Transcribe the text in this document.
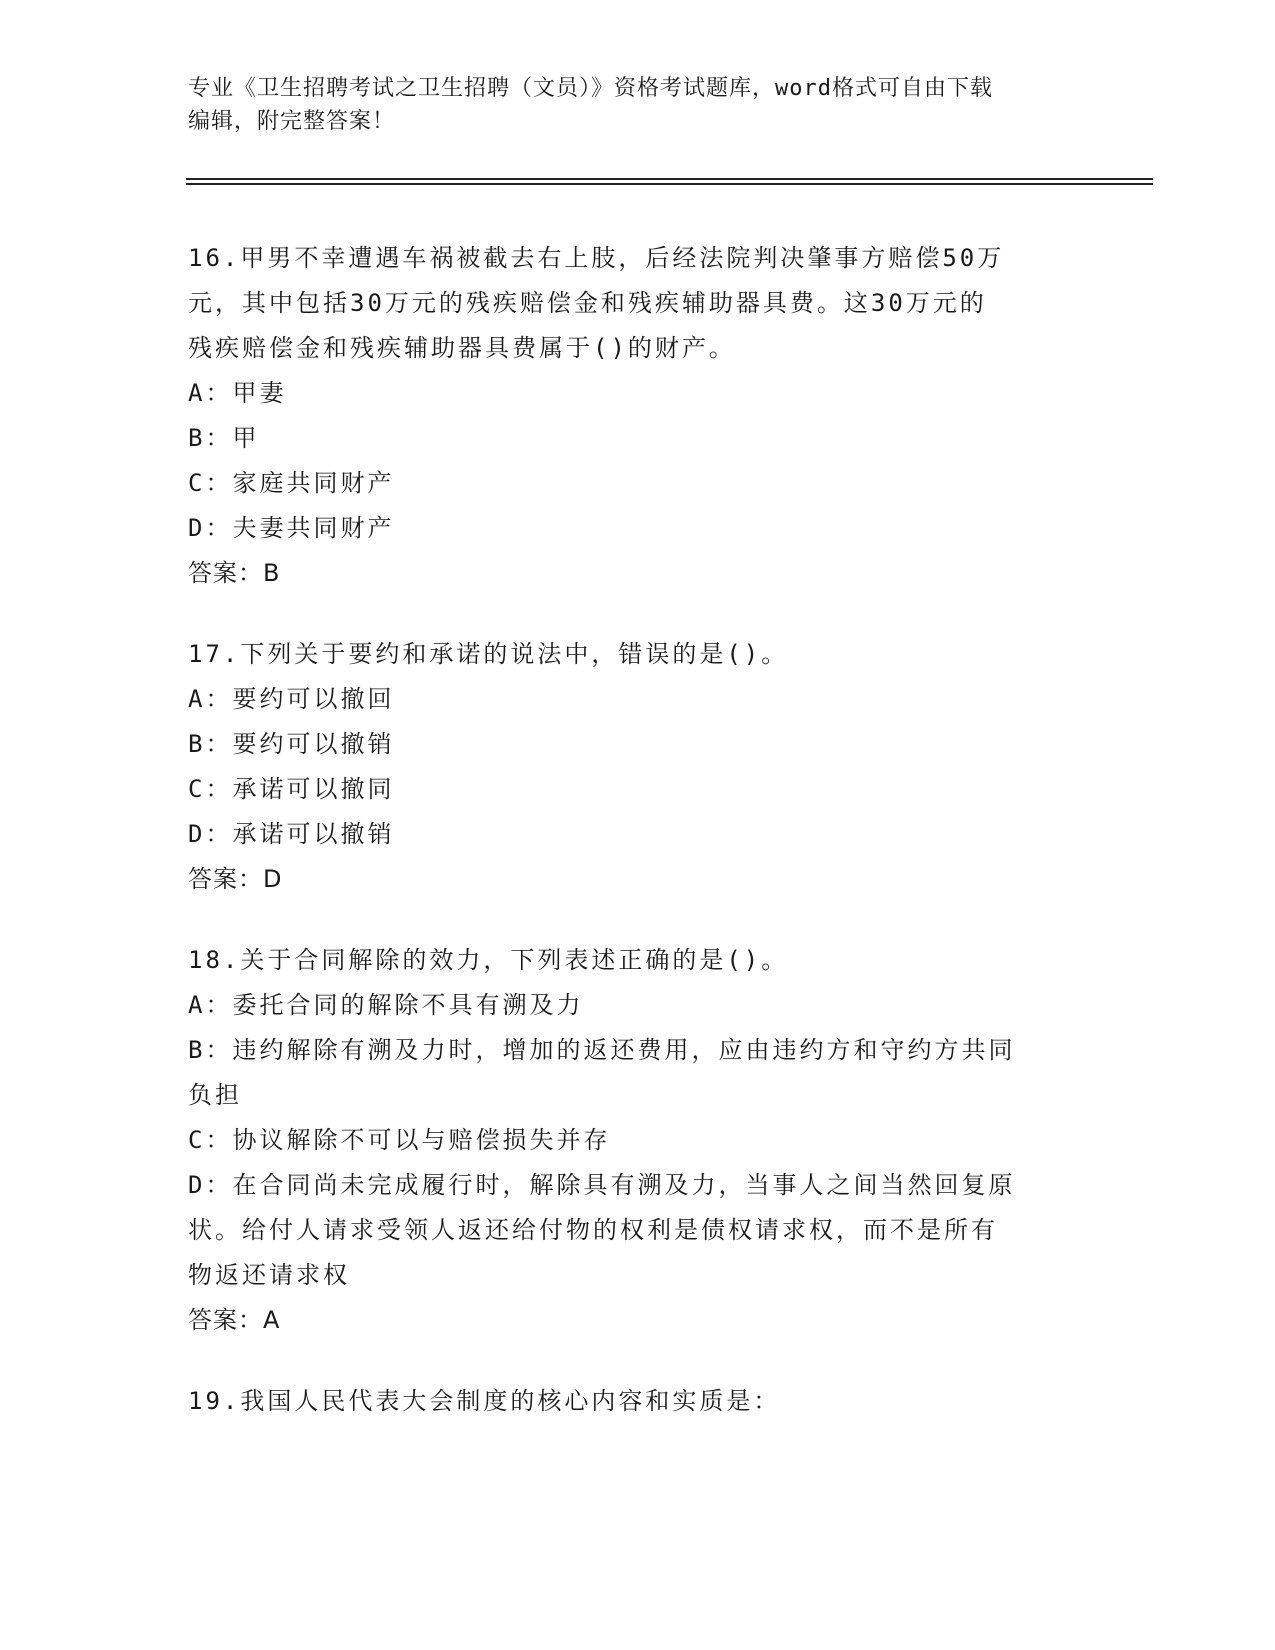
专业《卫生招聘考试之卫生招聘（文员）》资格考试题库，word格式可自由下载
编辑，附完整答案！
16.甲男不幸遭遇车祸被截去右上肢，后经法院判决肇事方赔偿50万
元，其中包括30万元的残疾赔偿金和残疾辅助器具费。这30万元的
残疾赔偿金和残疾辅助器具费属于()的财产。
A：甲妻
B：甲
C：家庭共同财产
D：夫妻共同财产
答案：B
17.下列关于要约和承诺的说法中，错误的是()。
A：要约可以撤回
B：要约可以撤销
C：承诺可以撤同
D：承诺可以撤销
答案：D
18.关于合同解除的效力，下列表述正确的是()。
A：委托合同的解除不具有溯及力
B：违约解除有溯及力时，增加的返还费用，应由违约方和守约方共同
负担
C：协议解除不可以与赔偿损失并存
D：在合同尚未完成履行时，解除具有溯及力，当事人之间当然回复原
状。给付人请求受领人返还给付物的权利是债权请求权，而不是所有
物返还请求权
答案：A
19.我国人民代表大会制度的核心内容和实质是：
